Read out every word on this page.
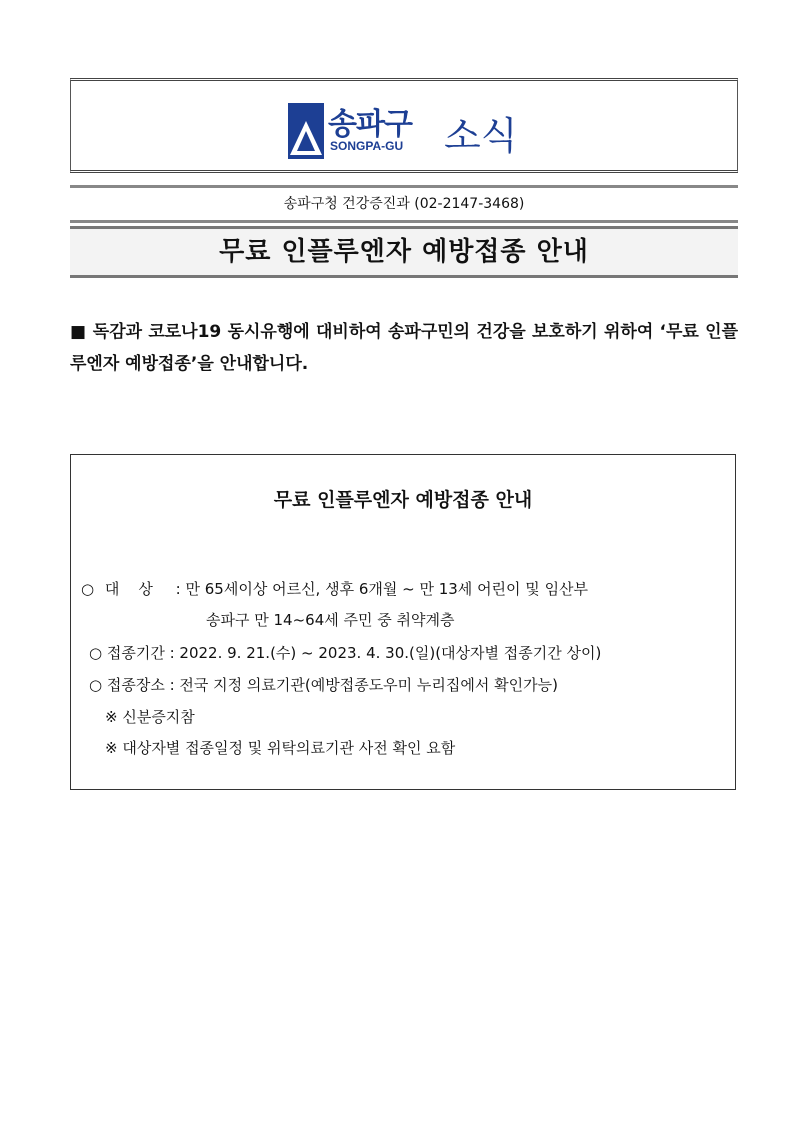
송파구
SONGPA-GU 소식
송파구청 건강증진과 (02-2147-3468)
무료 인플루엔자 예방접종 안내
■ 독감과 코로나19 동시유행에 대비하여 송파구민의 건강을 보호하기 위하여 ‘무료 인플루엔자 예방접종’을 안내합니다.
무료 인플루엔자 예방접종 안내
○ 대    상 : 만 65세이상 어르신, 생후 6개월 ~ 만 13세 어린이 및 임산부
송파구 만 14~64세 주민 중 취약계층
○ 접종기간 : 2022. 9. 21.(수) ~ 2023. 4. 30.(일)(대상자별 접종기간 상이)
○ 접종장소 : 전국 지정 의료기관(예방접종도우미 누리집에서 확인가능)
※ 신분증지참
※ 대상자별 접종일정 및 위탁의료기관 사전 확인 요함
